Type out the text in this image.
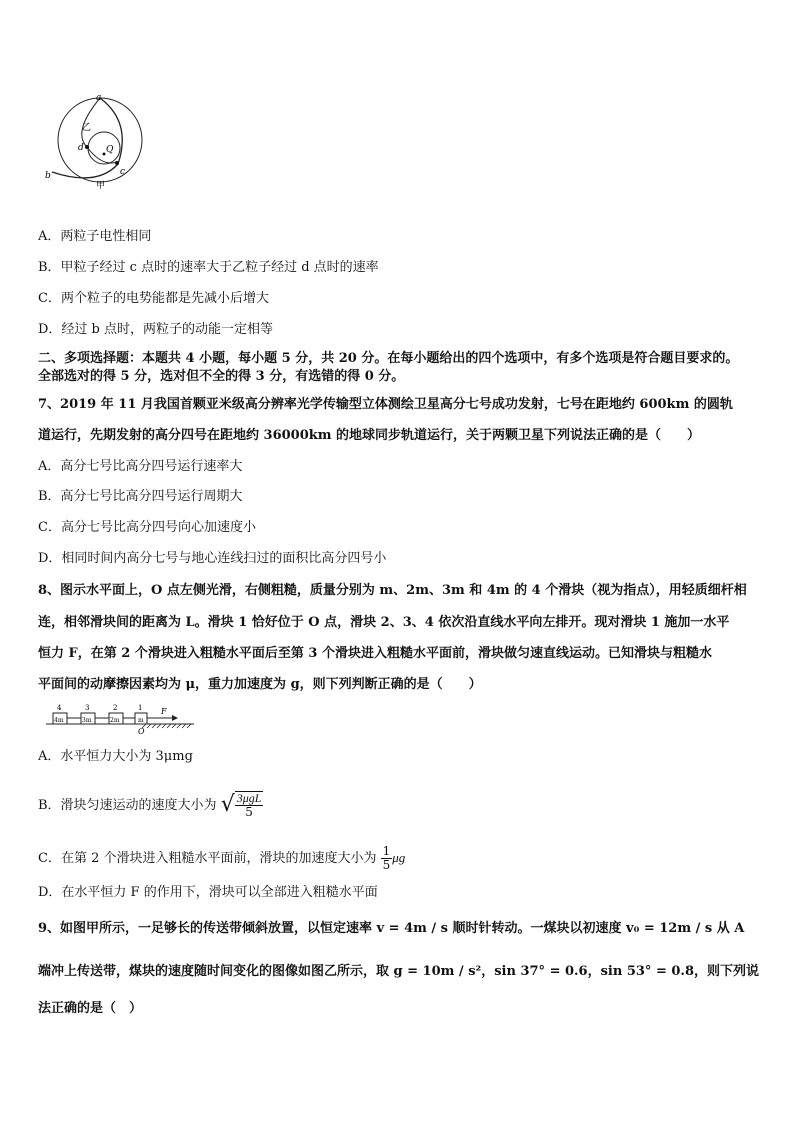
a
乙
d Q
c
b
甲
A．两粒子电性相同
B．甲粒子经过 c 点时的速率大于乙粒子经过 d 点时的速率
C．两个粒子的电势能都是先减小后增大
D．经过 b 点时，两粒子的动能一定相等
二、多项选择题：本题共 4 小题，每小题 5 分，共 20 分。在每小题给出的四个选项中，有多个选项是符合题目要求的。
全部选对的得 5 分，选对但不全的得 3 分，有选错的得 0 分。
7、2019 年 11 月我国首颗亚米级高分辨率光学传输型立体测绘卫星高分七号成功发射，七号在距地约 600km 的圆轨
道运行，先期发射的高分四号在距地约 36000km 的地球同步轨道运行，关于两颗卫星下列说法正确的是（　　）
A．高分七号比高分四号运行速率大
B．高分七号比高分四号运行周期大
C．高分七号比高分四号向心加速度小
D．相同时间内高分七号与地心连线扫过的面积比高分四号小
8、图示水平面上，O 点左侧光滑，右侧粗糙，质量分别为 m、2m、3m 和 4m 的 4 个滑块（视为指点），用轻质细杆相
连，相邻滑块间的距离为 L。滑块 1 恰好位于 O 点，滑块 2、3、4 依次沿直线水平向左排开。现对滑块 1 施加一水平
恒力 F，在第 2 个滑块进入粗糙水平面后至第 3 个滑块进入粗糙水平面前，滑块做匀速直线运动。已知滑块与粗糙水
平面间的动摩擦因素均为 μ，重力加速度为 g，则下列判断正确的是（　　）
4m	3m	2m	m
4	3	2	1 F
O
A．水平恒力大小为 3μmg
B．滑块匀速运动的速度大小为 √ $\frac{\text{3μgL}}{5}$
C．在第 2 个滑块进入粗糙水平面前，滑块的加速度大小为 $\frac{1}{5}$ μg
D．在水平恒力 F 的作用下，滑块可以全部进入粗糙水平面
9、如图甲所示，一足够长的传送带倾斜放置，以恒定速率 v = 4m / s 顺时针转动。一煤块以初速度 v₀ = 12m / s 从 A
端冲上传送带，煤块的速度随时间变化的图像如图乙所示，取 g = 10m / s²，sin 37° = 0.6，sin 53° = 0.8，则下列说
法正确的是（　）
